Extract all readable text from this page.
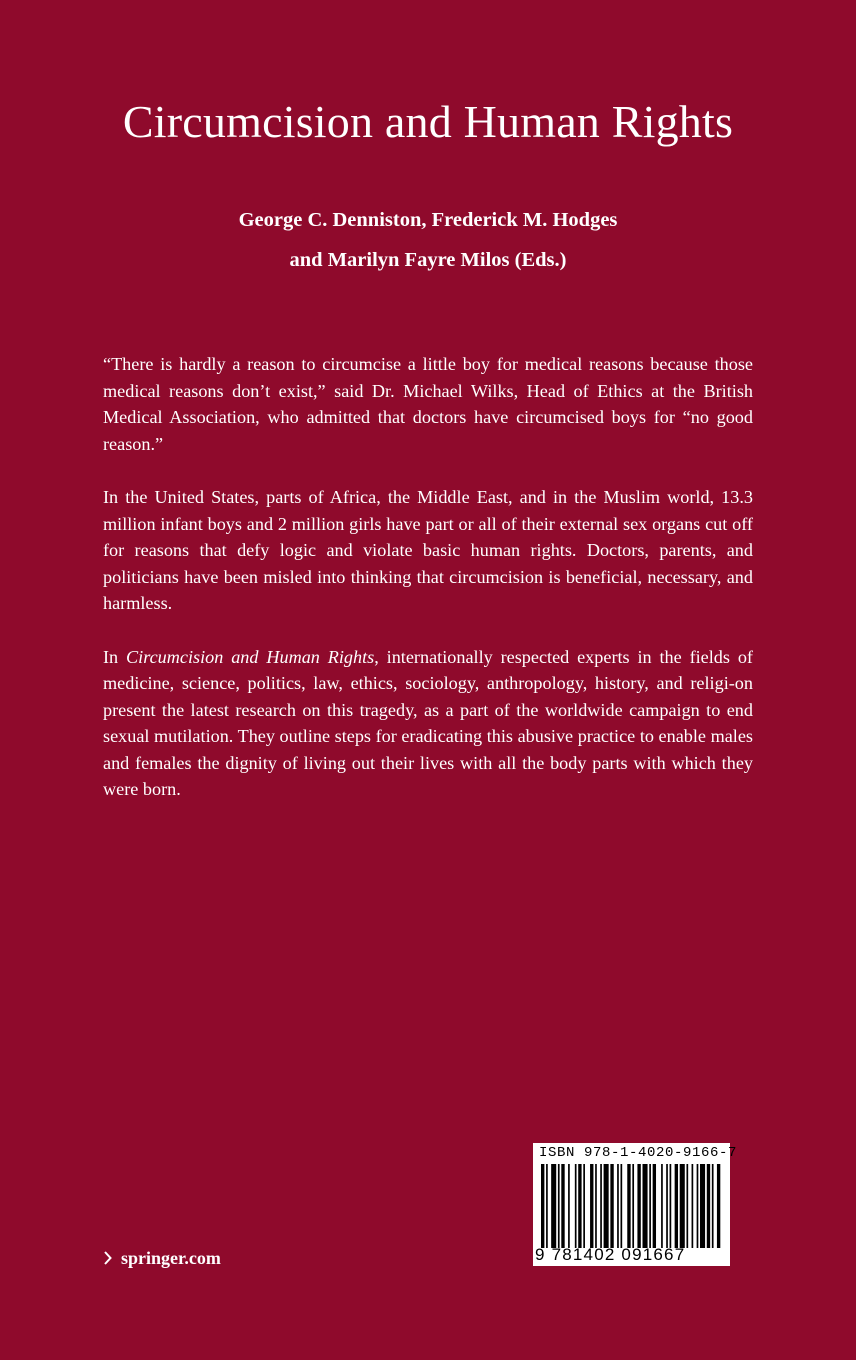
Circumcision and Human Rights
George C. Denniston, Frederick M. Hodges
and Marilyn Fayre Milos (Eds.)

“There is hardly a reason to circumcise a little boy for medical reasons because those medical reasons don’t exist,” said Dr. Michael Wilks, Head of Ethics at the British Medical Association, who admitted that doctors have circumcised boys for “no good reason.”

In the United States, parts of Africa, the Middle East, and in the Muslim world, 13.3 million infant boys and 2 million girls have part or all of their external sex organs cut off for reasons that defy logic and violate basic human rights. Doctors, parents, and politicians have been misled into thinking that circumcision is beneficial, necessary, and harmless.

In Circumcision and Human Rights, internationally respected experts in the fields of medicine, science, politics, law, ethics, sociology, anthropology, history, and religi-on present the latest research on this tragedy, as a part of the worldwide campaign to end sexual mutilation. They outline steps for eradicating this abusive practice to enable males and females the dignity of living out their lives with all the body parts with which they were born.

springer.com
ISBN 978-1-4020-9166-7
9 781402 091667
